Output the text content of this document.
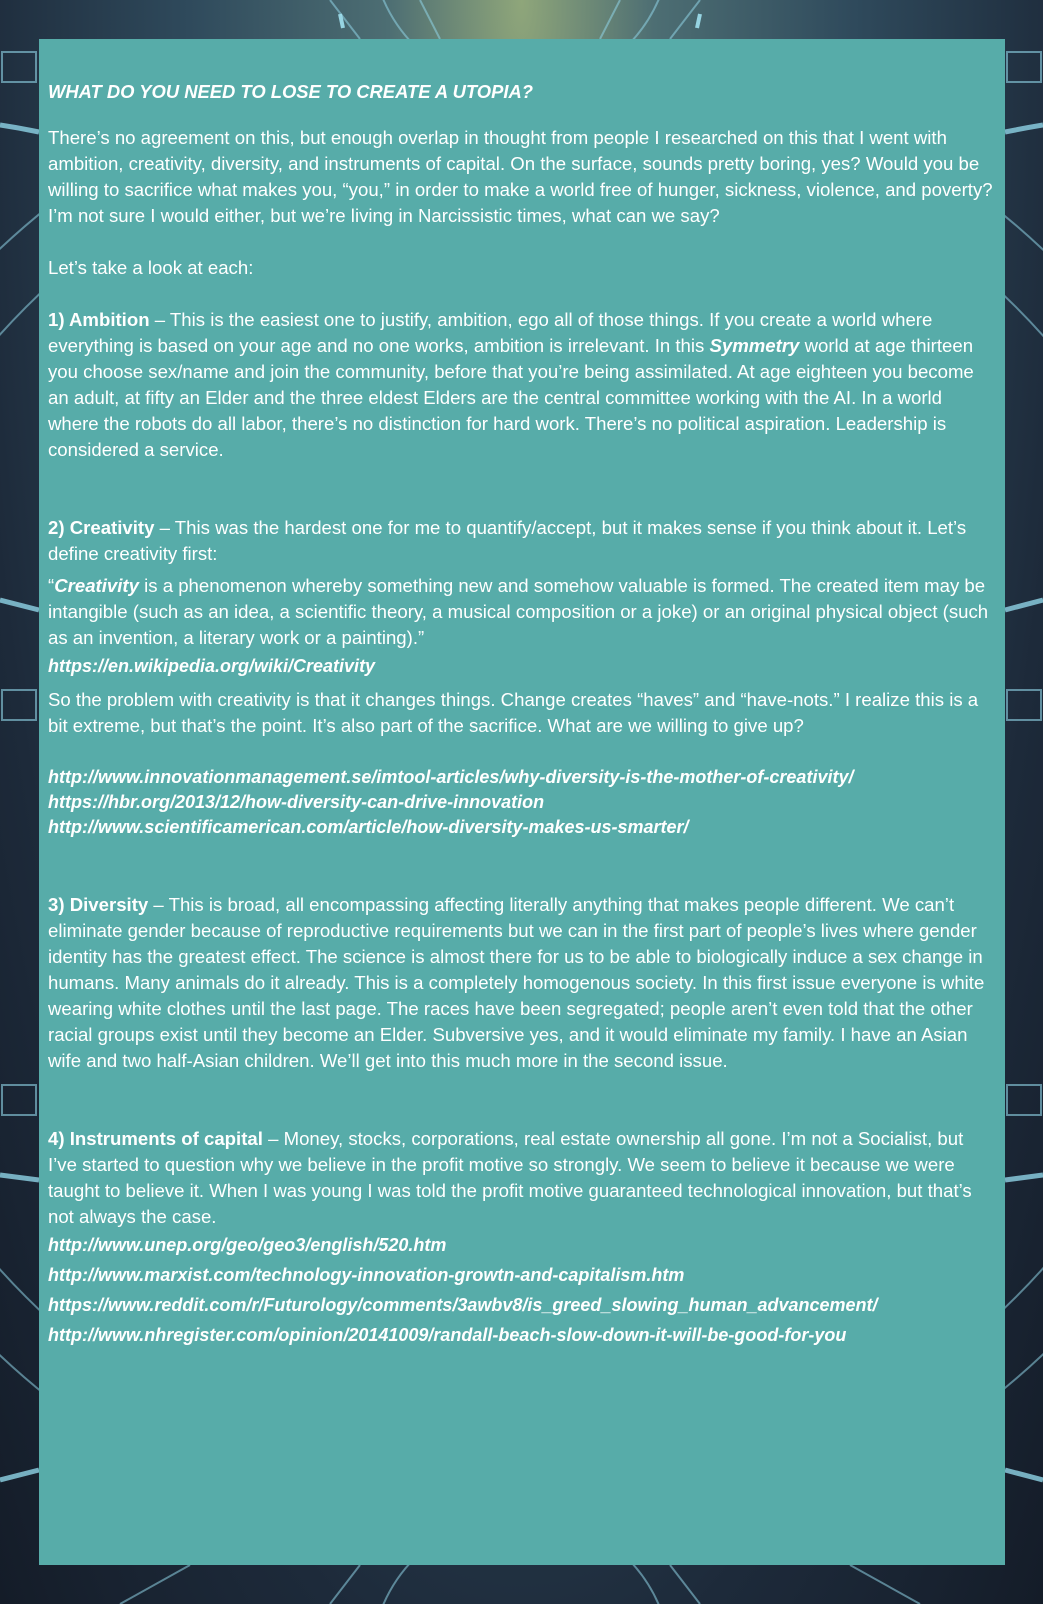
WHAT DO YOU NEED TO LOSE TO CREATE A UTOPIA?

There’s no agreement on this, but enough overlap in thought from people I researched on this that I went with ambition, creativity, diversity, and instruments of capital. On the surface, sounds pretty boring, yes? Would you be willing to sacrifice what makes you, “you,” in order to make a world free of hunger, sickness, violence, and poverty? I’m not sure I would either, but we’re living in Narcissistic times, what can we say?

Let’s take a look at each:

1) Ambition – This is the easiest one to justify, ambition, ego all of those things. If you create a world where everything is based on your age and no one works, ambition is irrelevant. In this Symmetry world at age thirteen you choose sex/name and join the community, before that you’re being assimilated. At age eighteen you become an adult, at fifty an Elder and the three eldest Elders are the central committee working with the AI. In a world where the robots do all labor, there’s no distinction for hard work. There’s no political aspiration. Leadership is considered a service.

2) Creativity – This was the hardest one for me to quantify/accept, but it makes sense if you think about it. Let’s define creativity first:

“Creativity is a phenomenon whereby something new and somehow valuable is formed. The created item may be intangible (such as an idea, a scientific theory, a musical composition or a joke) or an original physical object (such as an invention, a literary work or a painting).”

https://en.wikipedia.org/wiki/Creativity

So the problem with creativity is that it changes things. Change creates “haves” and “have-nots.” I realize this is a bit extreme, but that’s the point. It’s also part of the sacrifice. What are we willing to give up?

http://www.innovationmanagement.se/imtool-articles/why-diversity-is-the-mother-of-creativity/
https://hbr.org/2013/12/how-diversity-can-drive-innovation
http://www.scientificamerican.com/article/how-diversity-makes-us-smarter/

3) Diversity – This is broad, all encompassing affecting literally anything that makes people different. We can’t eliminate gender because of reproductive requirements but we can in the first part of people’s lives where gender identity has the greatest effect. The science is almost there for us to be able to biologically induce a sex change in humans. Many animals do it already. This is a completely homogenous society. In this first issue everyone is white wearing white clothes until the last page. The races have been segregated; people aren’t even told that the other racial groups exist until they become an Elder. Subversive yes, and it would eliminate my family. I have an Asian wife and two half-Asian children. We’ll get into this much more in the second issue.

4) Instruments of capital – Money, stocks, corporations, real estate ownership all gone. I’m not a Socialist, but I’ve started to question why we believe in the profit motive so strongly. We seem to believe it because we were taught to believe it. When I was young I was told the profit motive guaranteed technological innovation, but that’s not always the case.

http://www.unep.org/geo/geo3/english/520.htm
http://www.marxist.com/technology-innovation-growtn-and-capitalism.htm
https://www.reddit.com/r/Futurology/comments/3awbv8/is_greed_slowing_human_advancement/
http://www.nhregister.com/opinion/20141009/randall-beach-slow-down-it-will-be-good-for-you
